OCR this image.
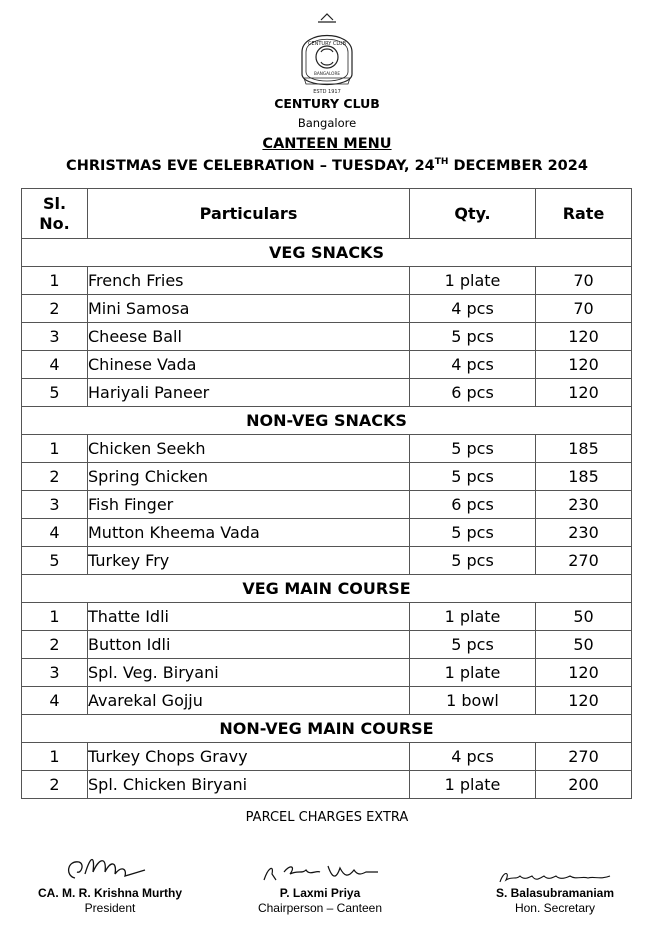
CENTURY CLUB
BANGALORE
ESTD 1917
CENTURY CLUB
Bangalore
CANTEEN MENU
CHRISTMAS EVE CELEBRATION – TUESDAY, 24TH DECEMBER 2024
Sl.
No.	Particulars	Qty.	Rate
VEG SNACKS			
1	French Fries	1 plate	70
2	Mini Samosa	4 pcs	70
3	Cheese Ball	5 pcs	120
4	Chinese Vada	4 pcs	120
5	Hariyali Paneer	6 pcs	120
NON-VEG SNACKS			
1	Chicken Seekh	5 pcs	185
2	Spring Chicken	5 pcs	185
3	Fish Finger	6 pcs	230
4	Mutton Kheema Vada	5 pcs	230
5	Turkey Fry	5 pcs	270
VEG MAIN COURSE			
1	Thatte Idli	1 plate	50
2	Button Idli	5 pcs	50
3	Spl. Veg. Biryani	1 plate	120
4	Avarekal Gojju	1 bowl	120
NON-VEG MAIN COURSE			
1	Turkey Chops Gravy	4 pcs	270
2	Spl. Chicken Biryani	1 plate	200
PARCEL CHARGES EXTRA
CA. M. R. Krishna Murthy
President
P. Laxmi Priya
Chairperson – Canteen
S. Balasubramaniam
Hon. Secretary
